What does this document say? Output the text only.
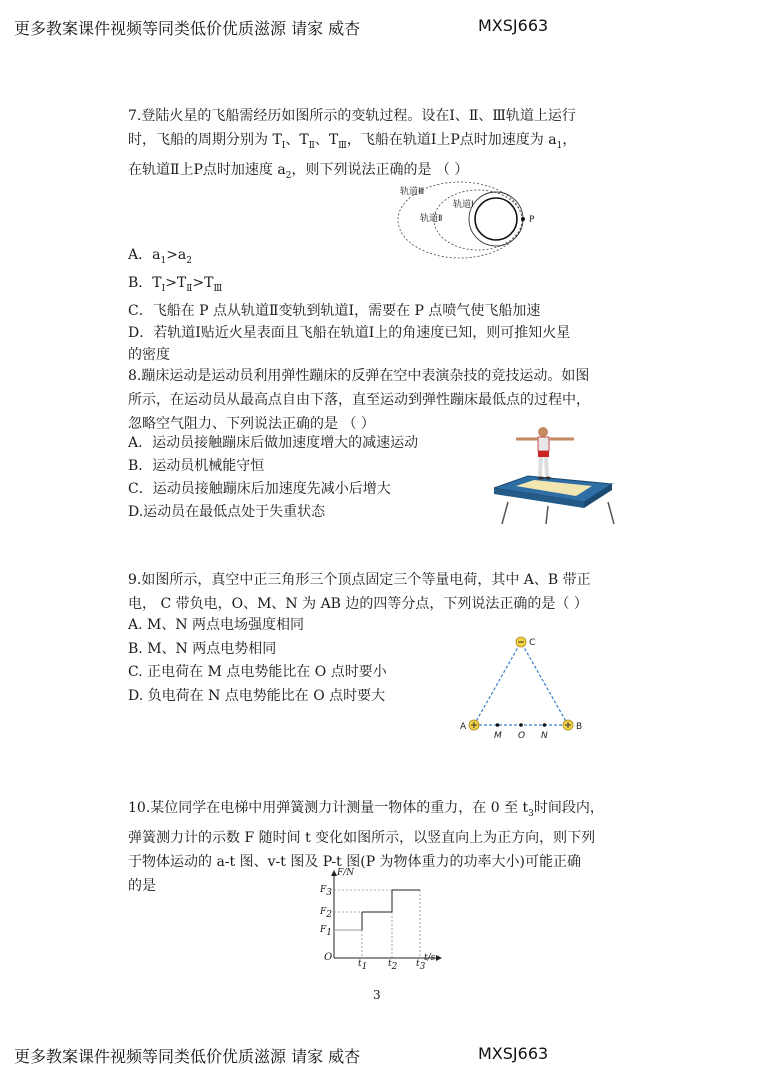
更多教案课件视频等同类低价优质滋源 请家 威杏	MXSJ663

7.登陆火星的飞船需经历如图所示的变轨过程。设在Ⅰ、Ⅱ、Ⅲ轨道上运行

时，飞船的周期分别为 $T_Ⅰ$、$T_Ⅱ$、$T_Ⅲ$，飞船在轨道Ⅰ上P点时加速度为 $a_1$，

在轨道Ⅱ上P点时加速度 $a_2$，则下列说法正确的是 （ ）

轨道Ⅲ
轨道Ⅰ
轨道Ⅱ	P
A．$a_1>a_2$
B．$T_Ⅰ>T_Ⅱ>T_Ⅲ$
C．飞船在 P 点从轨道Ⅱ变轨到轨道Ⅰ，需要在 P 点喷气使飞船加速
D．若轨道Ⅰ贴近火星表面且飞船在轨道Ⅰ上的角速度已知，则可推知火星
的密度

8.蹦床运动是运动员利用弹性蹦床的反弹在空中表演杂技的竞技运动。如图

所示，在运动员从最高点自由下落，直至运动到弹性蹦床最低点的过程中，

忽略空气阻力、下列说法正确的是 （ ）

A．运动员接触蹦床后做加速度增大的减速运动
B．运动员机械能守恒
C．运动员接触蹦床后加速度先减小后增大
D.运动员在最低点处于失重状态

9.如图所示，真空中正三角形三个顶点固定三个等量电荷，其中 A、B 带正

电， C 带负电，O、M、N 为 AB 边的四等分点，下列说法正确的是（ ）

A. M、N 两点电场强度相同
B. M、N 两点电势相同
C. 正电荷在 M 点电势能比在 O 点时要小
D. 负电荷在 N 点电势能比在 O 点时要大
C
A	B
M O N

10.某位同学在电梯中用弹簧测力计测量一物体的重力，在 0 至 $t_3$时间段内，

弹簧测力计的示数 F 随时间 t 变化如图所示，以竖直向上为正方向，则下列

于物体运动的 a-t 图、v-t 图及 P-t 图(P 为物体重力的功率大小)可能正确

的是

F/N
t/s
O
$F_1$
$F_2$
$F_3$
$t_1$ $t_2$ $t_3$
3
更多教案课件视频等同类低价优质滋源 请家 威杏	MXSJ663
